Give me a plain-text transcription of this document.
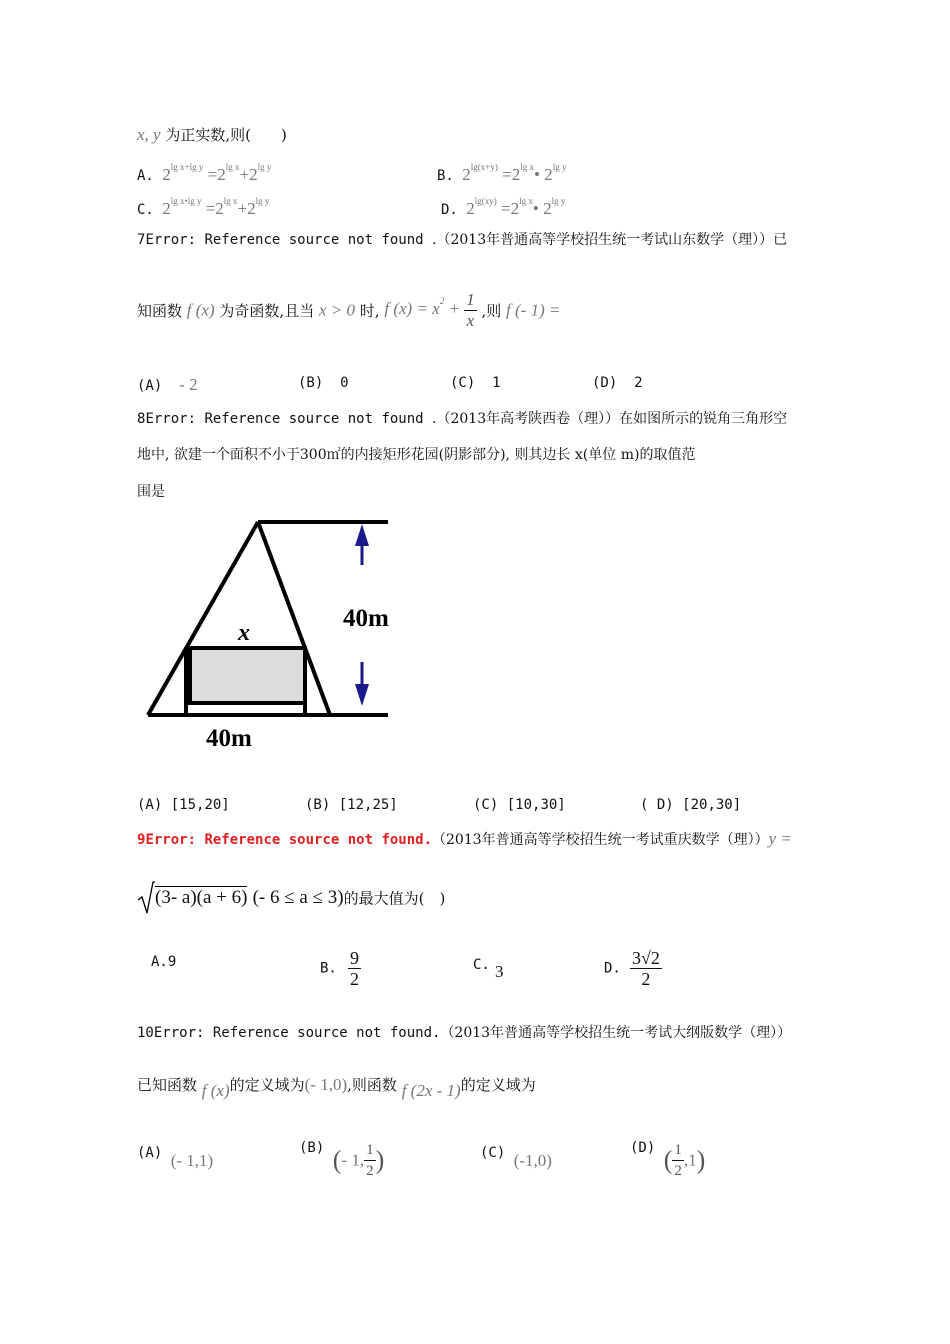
x, y 为正实数,则(　　)
A. $2^{lg x+lg y} =2^{lg x}+2^{lg y}$
B. $2^{lg(x+y)}$ $=2^{lg x}•$ $2^{lg y}$
C. $2^{lg x•lg y} =2^{lg x}+2^{lg y}$
D. $2^{lg(xy)}$ $=2^{lg x}•$ $2^{lg y}$
7Error: Reference source not found .（2013年普通高等学校招生统一考试山东数学（理））已
知函数 f (x) 为奇函数,且当 x > 0 时, f $(x) = x^2 + \frac{1}{x}$ ,则 f (- 1) =
(A) - 2	(B) 0	(C) 1	(D) 2
8Error: Reference source not found .（2013年高考陕西卷（理））在如图所示的锐角三角形空
地中, 欲建一个面积不小于300㎡的内接矩形花园(阴影部分), 则其边长 x(单位 m)的取值范
围是
x
40m
40m
(A) [15,20]	(B) [12,25]	(C) [10,30]	( D) [20,30]
9Error: Reference source not found.（2013年普通高等学校招生统一考试重庆数学（理））y =
(3- a)(a + 6) (- 6 ≤ a ≤ 3)的最大值为(　)
A.9	B. $\frac{9}{2}$	C. 3	D. $\frac{3√2}{2}$
10Error: Reference source not found.（2013年普通高等学校招生统一考试大纲版数学（理））
已知函数 f (x)的定义域为(- 1,0),则函数 f (2x - 1)的定义域为
(A) (- 1,1)
(B) (- 1, $\frac{1}{2}$ )	(C) (-1,0)
(D) ( $\frac{1}{2} ,1$)
